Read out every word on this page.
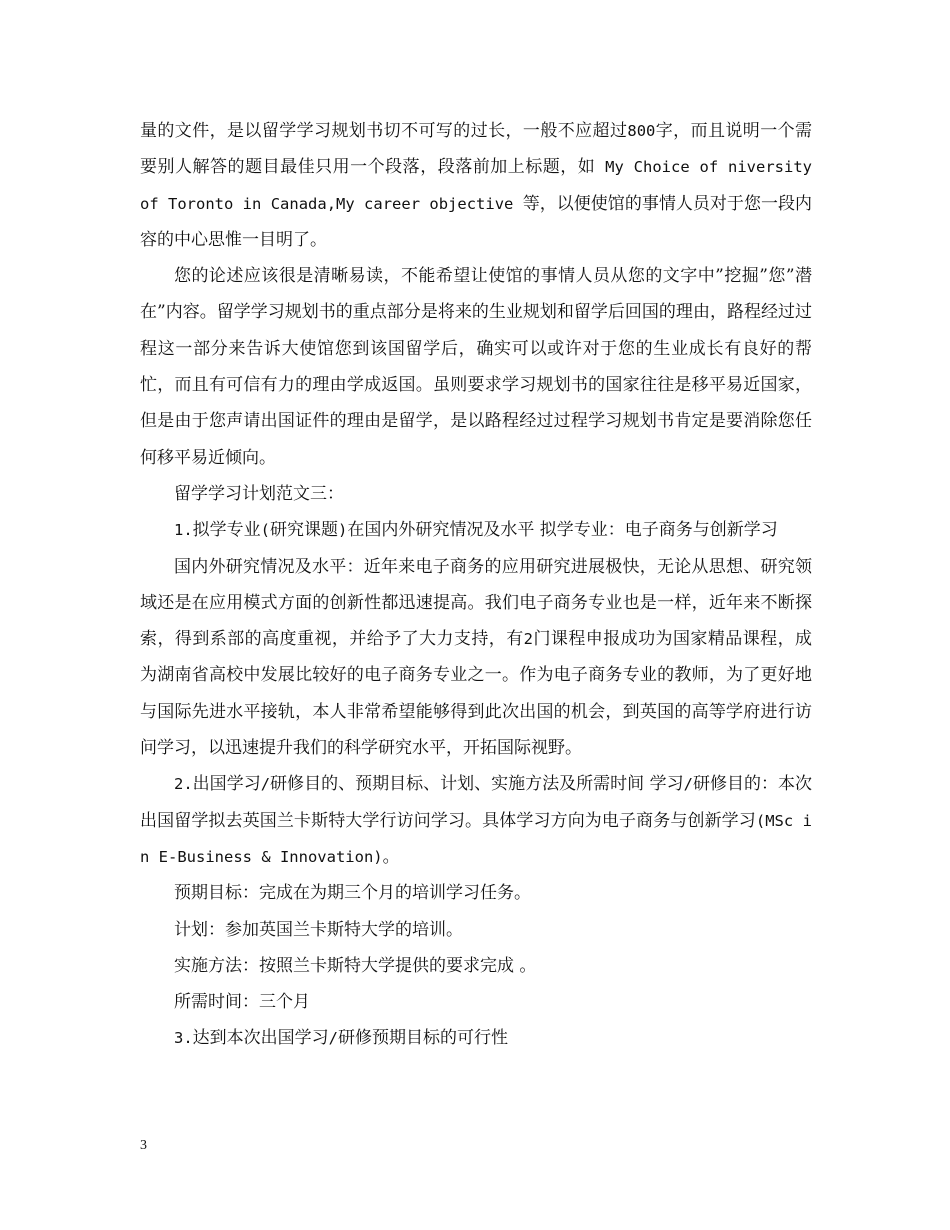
量的文件，是以留学学习规划书切不可写的过长，一般不应超过800字，而且说明一个需要别人解答的题目最佳只用一个段落，段落前加上标题，如 My Choice of niversity of Toronto in Canada,My career objective 等，以便使馆的事情人员对于您一段内容的中心思惟一目明了。

您的论述应该很是清晰易读，不能希望让使馆的事情人员从您的文字中”挖掘”您”潜在”内容。留学学习规划书的重点部分是将来的生业规划和留学后回国的理由，路程经过过程这一部分来告诉大使馆您到该国留学后，确实可以或许对于您的生业成长有良好的帮忙，而且有可信有力的理由学成返国。虽则要求学习规划书的国家往往是移平易近国家，但是由于您声请出国证件的理由是留学，是以路程经过过程学习规划书肯定是要消除您任何移平易近倾向。

留学学习计划范文三：

1.拟学专业(研究课题)在国内外研究情况及水平 拟学专业：电子商务与创新学习

国内外研究情况及水平：近年来电子商务的应用研究进展极快，无论从思想、研究领域还是在应用模式方面的创新性都迅速提高。我们电子商务专业也是一样，近年来不断探索，得到系部的高度重视，并给予了大力支持，有2门课程申报成功为国家精品课程，成为湖南省高校中发展比较好的电子商务专业之一。作为电子商务专业的教师，为了更好地与国际先进水平接轨，本人非常希望能够得到此次出国的机会，到英国的高等学府进行访问学习，以迅速提升我们的科学研究水平，开拓国际视野。

2.出国学习/研修目的、预期目标、计划、实施方法及所需时间 学习/研修目的：本次出国留学拟去英国兰卡斯特大学行访问学习。具体学习方向为电子商务与创新学习(MSc in E-Business & Innovation)。

预期目标：完成在为期三个月的培训学习任务。

计划：参加英国兰卡斯特大学的培训。

实施方法：按照兰卡斯特大学提供的要求完成 。

所需时间：三个月

3.达到本次出国学习/研修预期目标的可行性

3
